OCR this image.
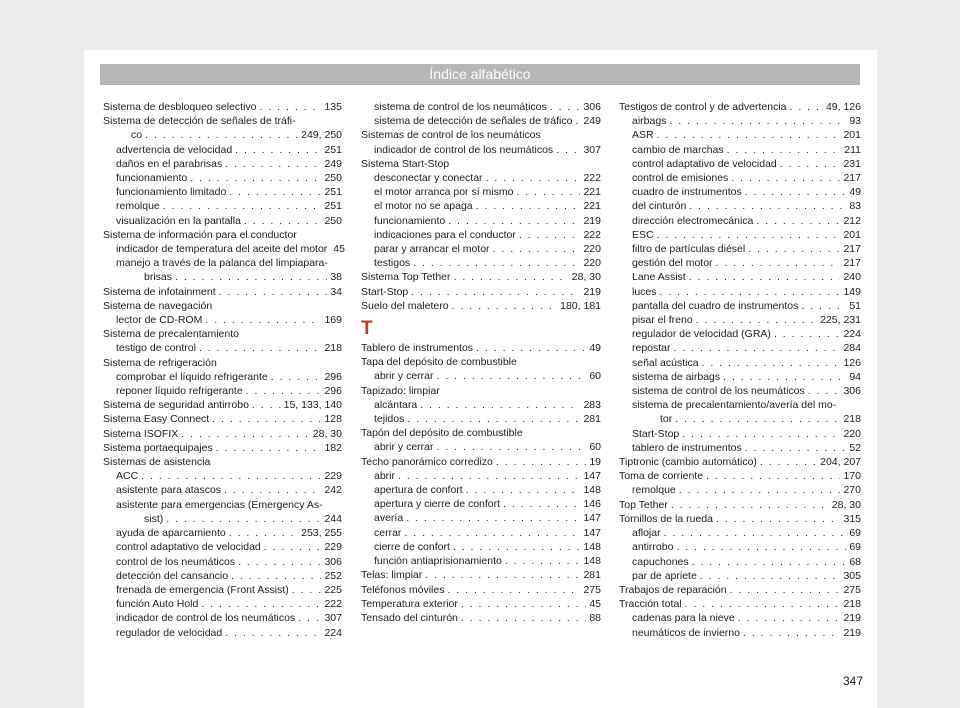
Índice alfabético
Sistema de desbloqueo selectivo . . .	135
Sistema de detección de señales de tráfi-
co . . .	249, 250
advertencia de velocidad . . .	251
daños en el parabrisas . . .	249
funcionamiento . . .	250
funcionamiento limitado . . .	251
remolque . . .	251
visualización en la pantalla . . .	250
Sistema de información para el conductor
indicador de temperatura del aceite del motor 45
manejo a través de la palanca del limpiapara-
brisas . . .	38
Sistema de infotainment . . .	34
Sistema de navegación
lector de CD-ROM . . .	169
Sistema de precalentamiento
testigo de control . . .	218
Sistema de refrigeración
comprobar el líquido refrigerante . . .	296
reponer líquido refrigerante . . .	296
Sistema de seguridad antirrobo . . .	15, 133, 140
Sistema Easy Connect . . .	128
Sistema ISOFIX . . .	28, 30
Sistema portaequipajes . . .	182
Sistemas de asistencia
ACC . . .	229
asistente para atascos . . .	242
asistente para emergencias (Emergency As-
sist) . . .	244
ayuda de aparcamiento . . .	253, 255
control adaptativo de velocidad . . .	229
control de los neumáticos . . .	306
detección del cansancio . . .	252
frenada de emergencia (Front Assist) . . .	225
función Auto Hold . . .	222
indicador de control de los neumáticos . . .	307
regulador de velocidad . . .	224
sistema de control de los neumáticos . . .	306
sistema de detección de señales de tráfico . . . 249
Sistemas de control de los neumáticos
indicador de control de los neumáticos . . .	307
Sistema Start-Stop
desconectar y conectar . . .	222
el motor arranca por sí mismo . . .	221
el motor no se apaga . . .	221
funcionamiento . . .	219
indicaciones para el conductor . . .	222
parar y arrancar el motor . . .	220
testigos . . .	220
Sistema Top Tether . . .	28, 30
Start-Stop . . .	219
Suelo del maletero . . .	180, 181
T
Tablero de instrumentos . . .	49
Tapa del depósito de combustible
abrir y cerrar . . .	60
Tapizado: limpiar
alcántara . . .	283
tejidos . . .	281
Tapón del depósito de combustible
abrir y cerrar . . .	60
Techo panorámico corredizo . . .	19
abrir . . .	147
apertura de confort . . .	148
apertura y cierre de confort . . .	146
avería . . .	147
cerrar . . .	147
cierre de confort . . .	148
función antiaprisionamiento . . .	148
Telas: limpiar . . .	281
Teléfonos móviles . . .	275
Temperatura exterior . . .	45
Tensado del cinturón . . .	88
Testigos de control y de advertencia . . .	49, 126
airbags . . .	93
ASR . . .	201
cambio de marchas . . .	211
control adaptativo de velocidad . . .	231
control de emisiones . . .	217
cuadro de instrumentos . . .	49
del cinturón . . .	83
dirección electromecánica . . .	212
ESC . . .	201
filtro de partículas diésel . . .	217
gestión del motor . . .	217
Lane Assist . . .	240
luces . . .	149
pantalla del cuadro de instrumentos . . .	51
pisar el freno . . .	225, 231
regulador de velocidad (GRA) . . .	224
repostar . . .	284
señal acústica . . .	126
sistema de airbags . . .	94
sistema de control de los neumáticos . . .	306
sistema de precalentamiento/avería del mo-
tor . . .	218
Start-Stop . . .	220
tablero de instrumentos . . .	52
Tiptronic (cambio automático) . . .	204, 207
Toma de corriente . . .	170
remolque . . .	270
Top Tether . . .	28, 30
Tornillos de la rueda . . .	315
aflojar . . .	69
antirrobo . . .	69
capuchones . . .	68
par de apriete . . .	305
Trabajos de reparación . . .	275
Tracción total . . .	218
cadenas para la nieve . . .	219
neumáticos de invierno . . .	219
347
